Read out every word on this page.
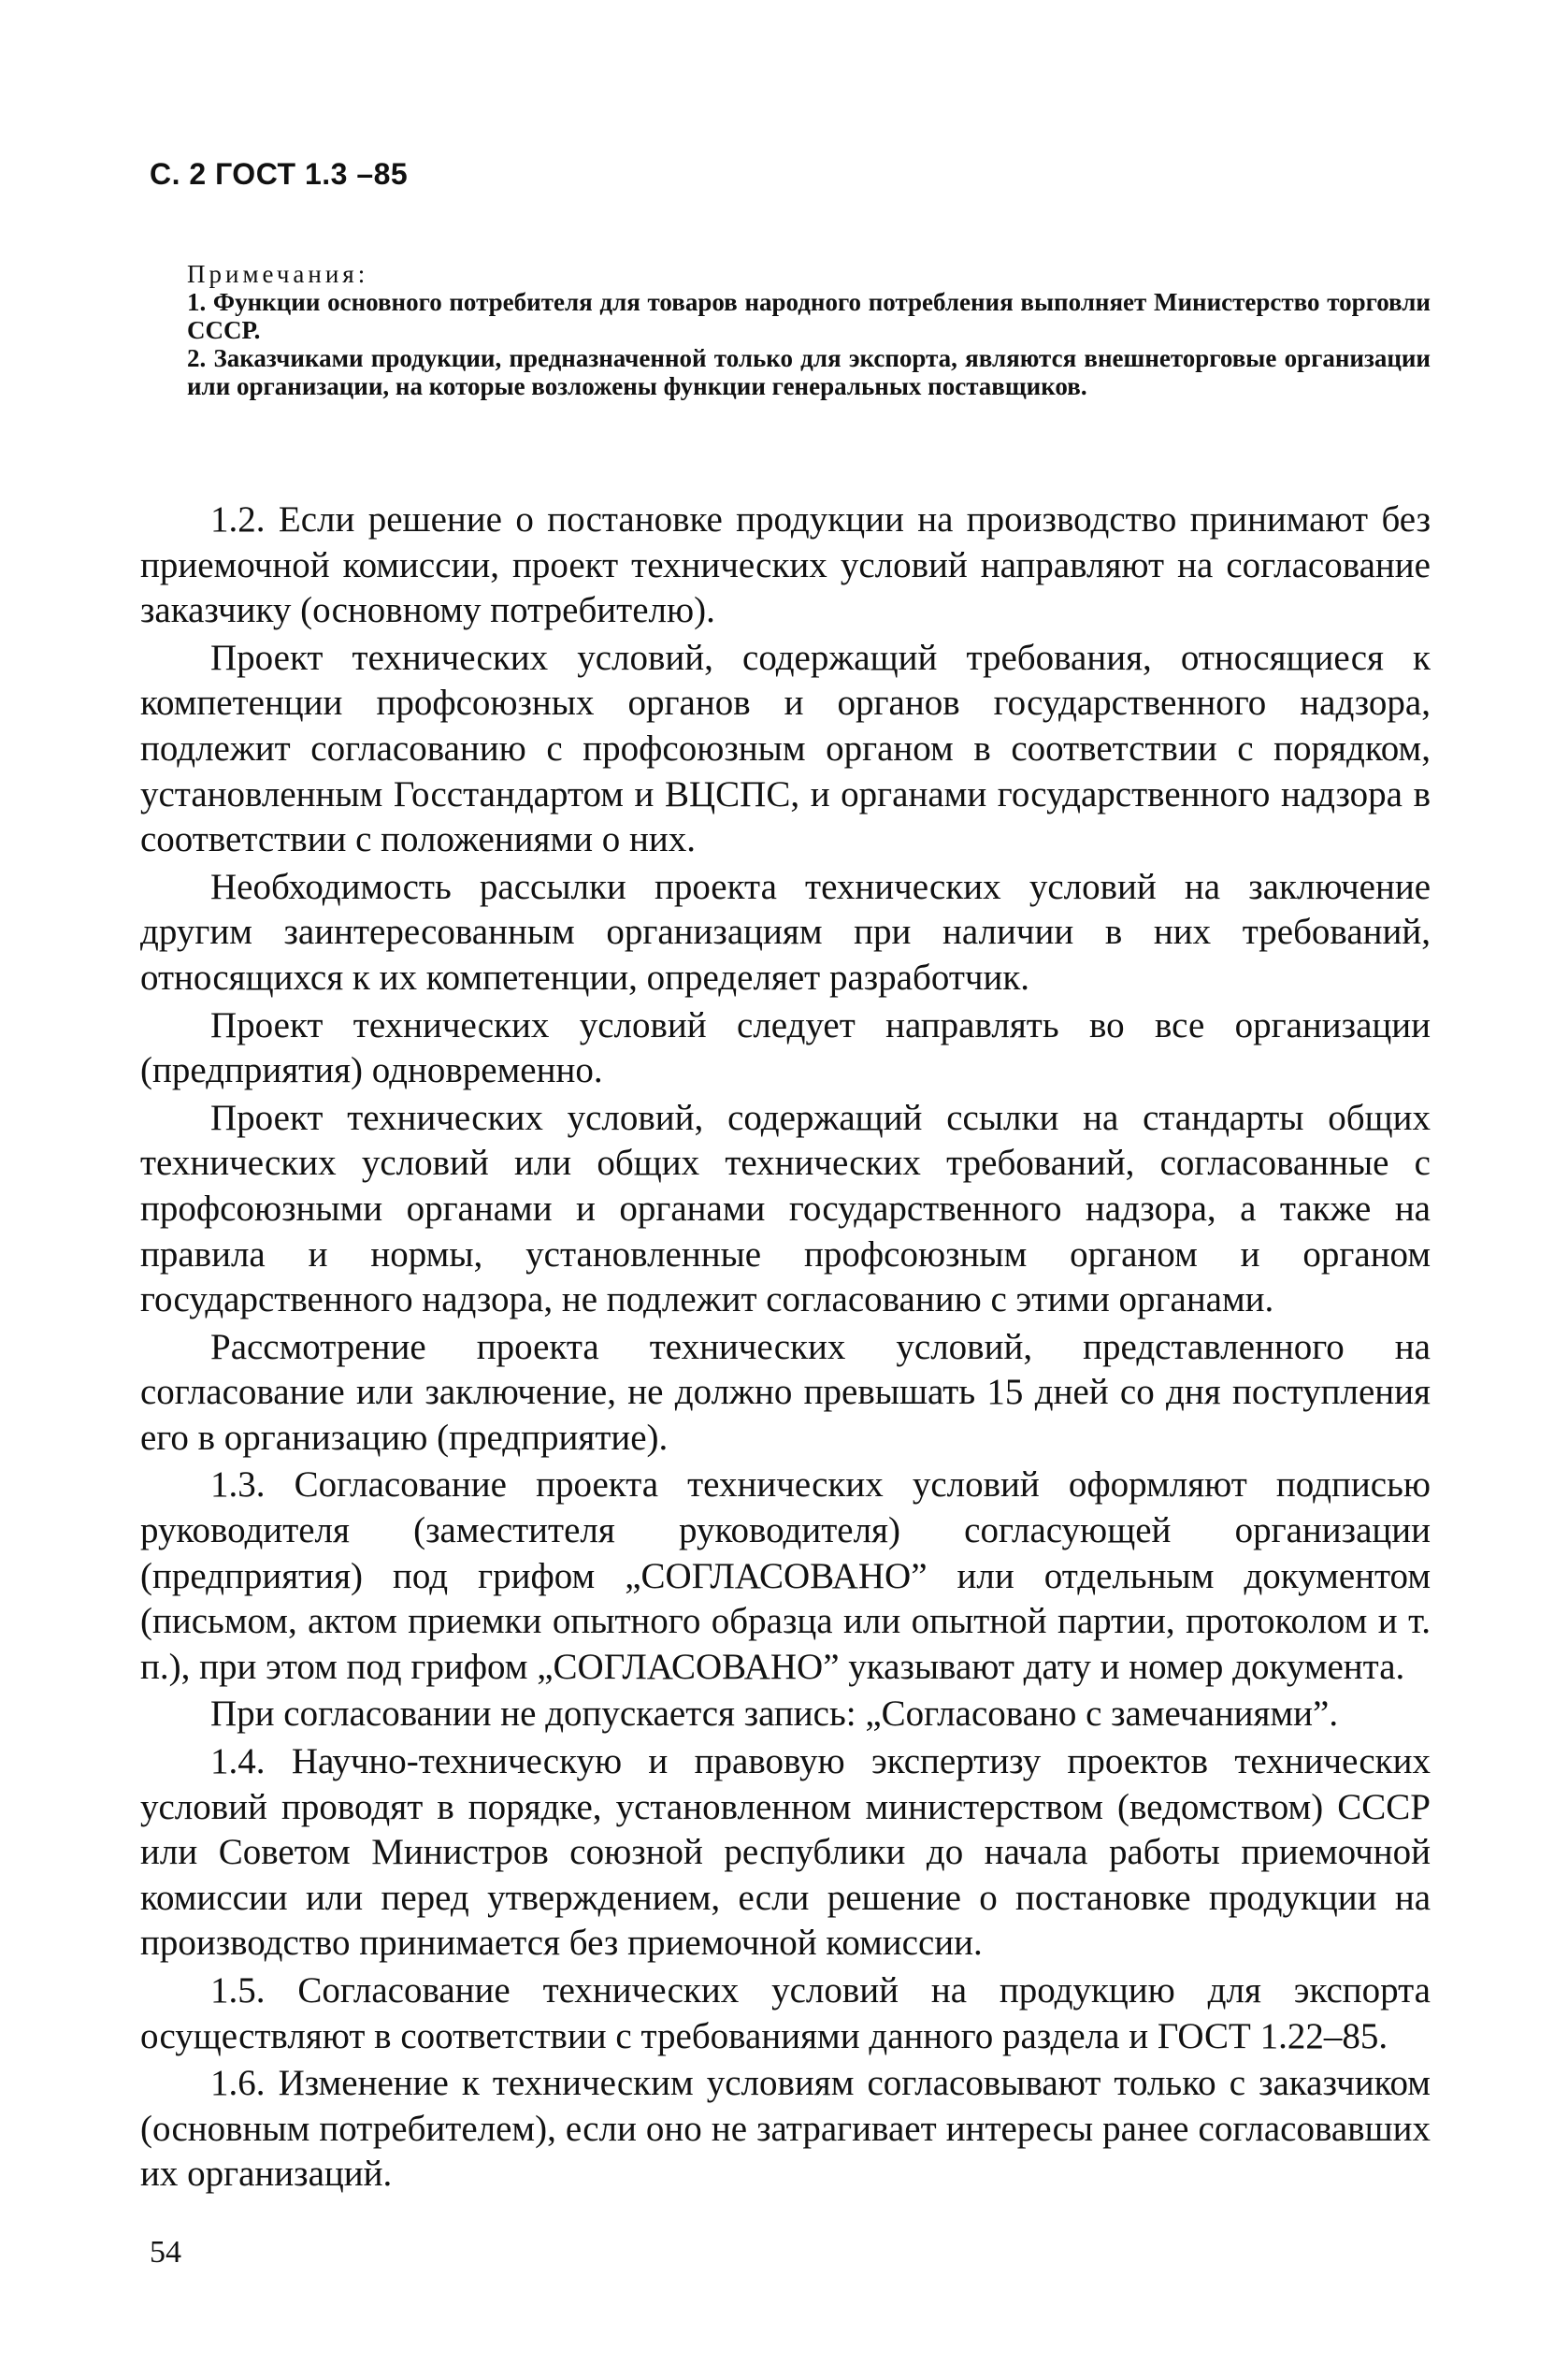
С. 2 ГОСТ 1.3 –85

Примечания:

1. Функции основного потребителя для товаров народного потребления выполняет Министерство торговли СССР.

2. Заказчиками продукции, предназначенной только для экспорта, являются внешнеторговые организации или организации, на которые возложены функции генеральных поставщиков.

1.2. Если решение о постановке продукции на производство принимают без приемочной комиссии, проект технических условий направляют на согласование заказчику (основному потребителю).

Проект технических условий, содержащий требования, относящиеся к компетенции профсоюзных органов и органов государственного надзора, подлежит согласованию с профсоюзным органом в соответствии с порядком, установленным Госстандартом и ВЦСПС, и органами государственного надзора в соответствии с положениями о них.

Необходимость рассылки проекта технических условий на заключение другим заинтересованным организациям при наличии в них требований, относящихся к их компетенции, определяет разработчик.

Проект технических условий следует направлять во все организации (предприятия) одновременно.

Проект технических условий, содержащий ссылки на стандарты общих технических условий или общих технических требований, согласованные с профсоюзными органами и органами государственного надзора, а также на правила и нормы, установленные профсоюзным органом и органом государственного надзора, не подлежит согласованию с этими органами.

Рассмотрение проекта технических условий, представленного на согласование или заключение, не должно превышать 15 дней со дня поступления его в организацию (предприятие).

1.3. Согласование проекта технических условий оформляют подписью руководителя (заместителя руководителя) согласующей организации (предприятия) под грифом „СОГЛАСОВАНО” или отдельным документом (письмом, актом приемки опытного образца или опытной партии, протоколом и т. п.), при этом под грифом „СОГЛАСОВАНО” указывают дату и номер документа.

При согласовании не допускается запись: „Согласовано с замечаниями”.

1.4. Научно-техническую и правовую экспертизу проектов технических условий проводят в порядке, установленном министерством (ведомством) СССР или Советом Министров союзной республики до начала работы приемочной комиссии или перед утверждением, если решение о постановке продукции на производство принимается без приемочной комиссии.

1.5. Согласование технических условий на продукцию для экспорта осуществляют в соответствии с требованиями данного раздела и ГОСТ 1.22–85.

1.6. Изменение к техническим условиям согласовывают только с заказчиком (основным потребителем), если оно не затрагивает интересы ранее согласовавших их организаций.

54
